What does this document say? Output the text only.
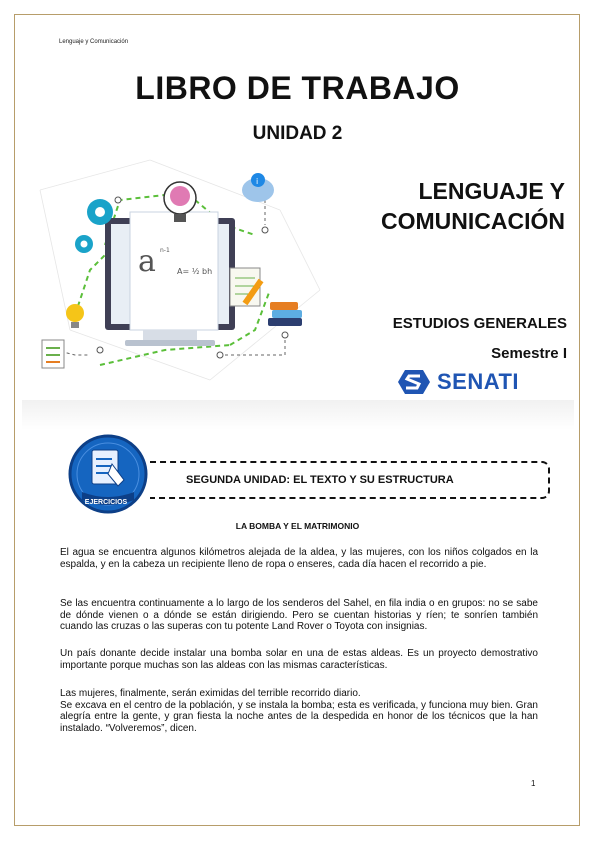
Lenguaje y Comunicación
LIBRO DE TRABAJO
UNIDAD 2
LENGUAJE Y
COMUNICACIÓN
a n-1
A= ½ bh
i
ESTUDIOS GENERALES
Semestre I
SENATI
EJERCICIOS
SEGUNDA UNIDAD: EL TEXTO Y SU ESTRUCTURA
LA BOMBA Y EL MATRIMONIO

El agua se encuentra algunos kilómetros alejada de la aldea, y las mujeres, con los niños colgados en la espalda, y en la cabeza un recipiente lleno de ropa o enseres, cada día hacen el recorrido a pie.

Se las encuentra continuamente a lo largo de los senderos del Sahel, en fila india o en grupos: no se sabe de dónde vienen o a dónde se están dirigiendo. Pero se cuentan historias y ríen; te sonríen también cuando las cruzas o las superas con tu potente Land Rover o Toyota con insignias.

Un país donante decide instalar una bomba solar en una de estas aldeas. Es un proyecto demostrativo importante porque muchas son las aldeas con las mismas características.

Las mujeres, finalmente, serán eximidas del terrible recorrido diario.
Se excava en el centro de la población, y se instala la bomba; esta es verificada, y funciona muy bien. Gran alegría entre la gente, y gran fiesta la noche antes de la despedida en honor de los técnicos que la han instalado. “Volveremos”, dicen.
1
